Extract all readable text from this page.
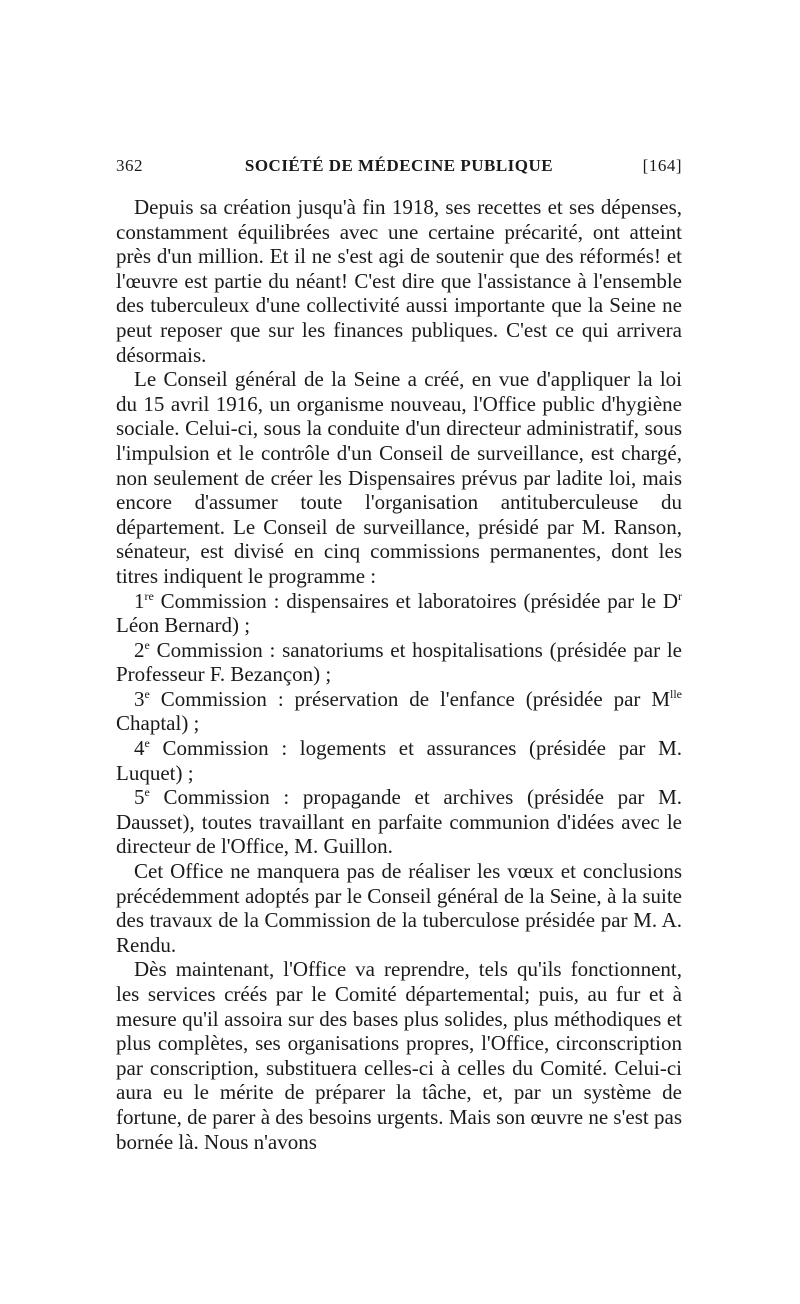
362	SOCIÉTÉ DE MÉDECINE PUBLIQUE	[164]

Depuis sa création jusqu'à fin 1918, ses recettes et ses dépenses, constamment équilibrées avec une certaine précarité, ont atteint près d'un million. Et il ne s'est agi de soutenir que des réformés! et l'œuvre est partie du néant! C'est dire que l'assistance à l'ensemble des tuberculeux d'une collectivité aussi importante que la Seine ne peut reposer que sur les finances publiques. C'est ce qui arrivera désormais.

Le Conseil général de la Seine a créé, en vue d'appliquer la loi du 15 avril 1916, un organisme nouveau, l'Office public d'hygiène sociale. Celui-ci, sous la conduite d'un directeur administratif, sous l'impulsion et le contrôle d'un Conseil de surveillance, est chargé, non seulement de créer les Dispensaires prévus par ladite loi, mais encore d'assumer toute l'organisation antituberculeuse du département. Le Conseil de surveillance, présidé par M. Ranson, sénateur, est divisé en cinq commissions permanentes, dont les titres indiquent le programme :

1re Commission : dispensaires et laboratoires (présidée par le $D^r$ Léon Bernard) ;

2e Commission : sanatoriums et hospitalisations (présidée par le Professeur F. Bezançon) ;

3e Commission : préservation de l'enfance (présidée par $M^{lle}$ Chaptal) ;

4e Commission : logements et assurances (présidée par M. Luquet) ;

5e Commission : propagande et archives (présidée par M. Dausset), toutes travaillant en parfaite communion d'idées avec le directeur de l'Office, M. Guillon.

Cet Office ne manquera pas de réaliser les vœux et conclusions précédemment adoptés par le Conseil général de la Seine, à la suite des travaux de la Commission de la tuberculose présidée par M. A. Rendu.

Dès maintenant, l'Office va reprendre, tels qu'ils fonctionnent, les services créés par le Comité départemental; puis, au fur et à mesure qu'il assoira sur des bases plus solides, plus méthodiques et plus complètes, ses organisations propres, l'Office, circonscription par conscription, substituera celles-ci à celles du Comité. Celui-ci aura eu le mérite de préparer la tâche, et, par un système de fortune, de parer à des besoins urgents. Mais son œuvre ne s'est pas bornée là. Nous n'avons
